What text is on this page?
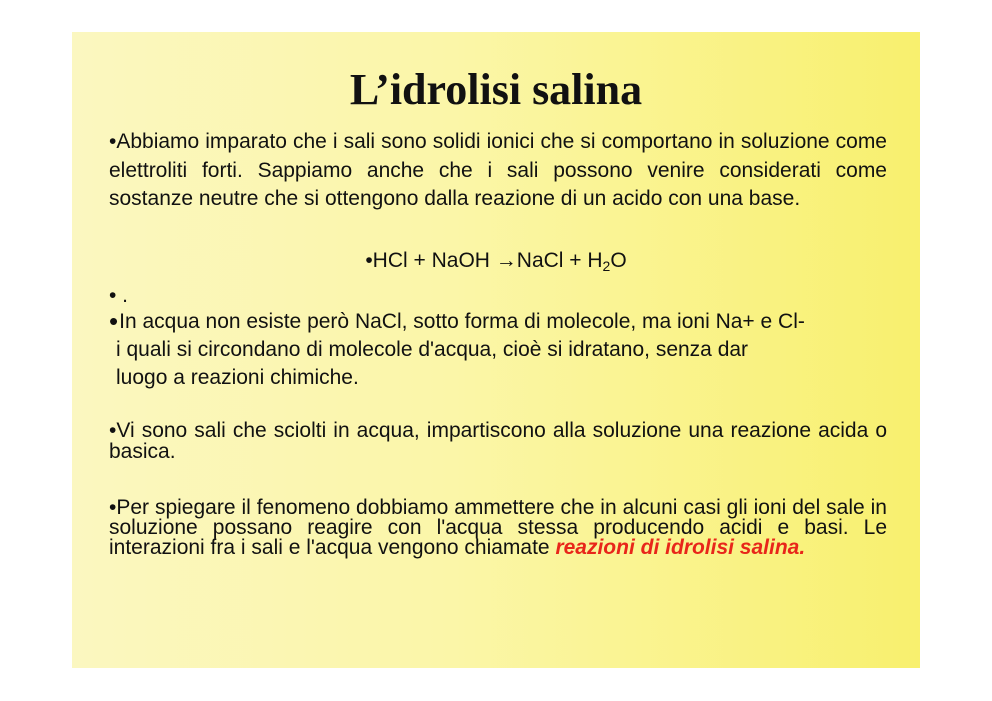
L’idrolisi salina
•Abbiamo imparato che i sali sono solidi ionici che si comportano in soluzione come elettroliti forti. Sappiamo anche che i sali possono venire considerati come sostanze neutre che si ottengono dalla reazione di un acido con una base.
•HCl + NaOH →NaCl + $H_2O$
• .
•In acqua non esiste però NaCl, sotto forma di molecole, ma ioni Na+ e Cl-
i quali si circondano di molecole d'acqua, cioè si idratano, senza dar
luogo a reazioni chimiche.
•Vi sono sali che sciolti in acqua, impartiscono alla soluzione una reazione acida o basica.
•Per spiegare il fenomeno dobbiamo ammettere che in alcuni casi gli ioni del sale in soluzione possano reagire con l'acqua stessa producendo acidi e basi. Le interazioni fra i sali e l'acqua vengono chiamate reazioni di idrolisi salina.
